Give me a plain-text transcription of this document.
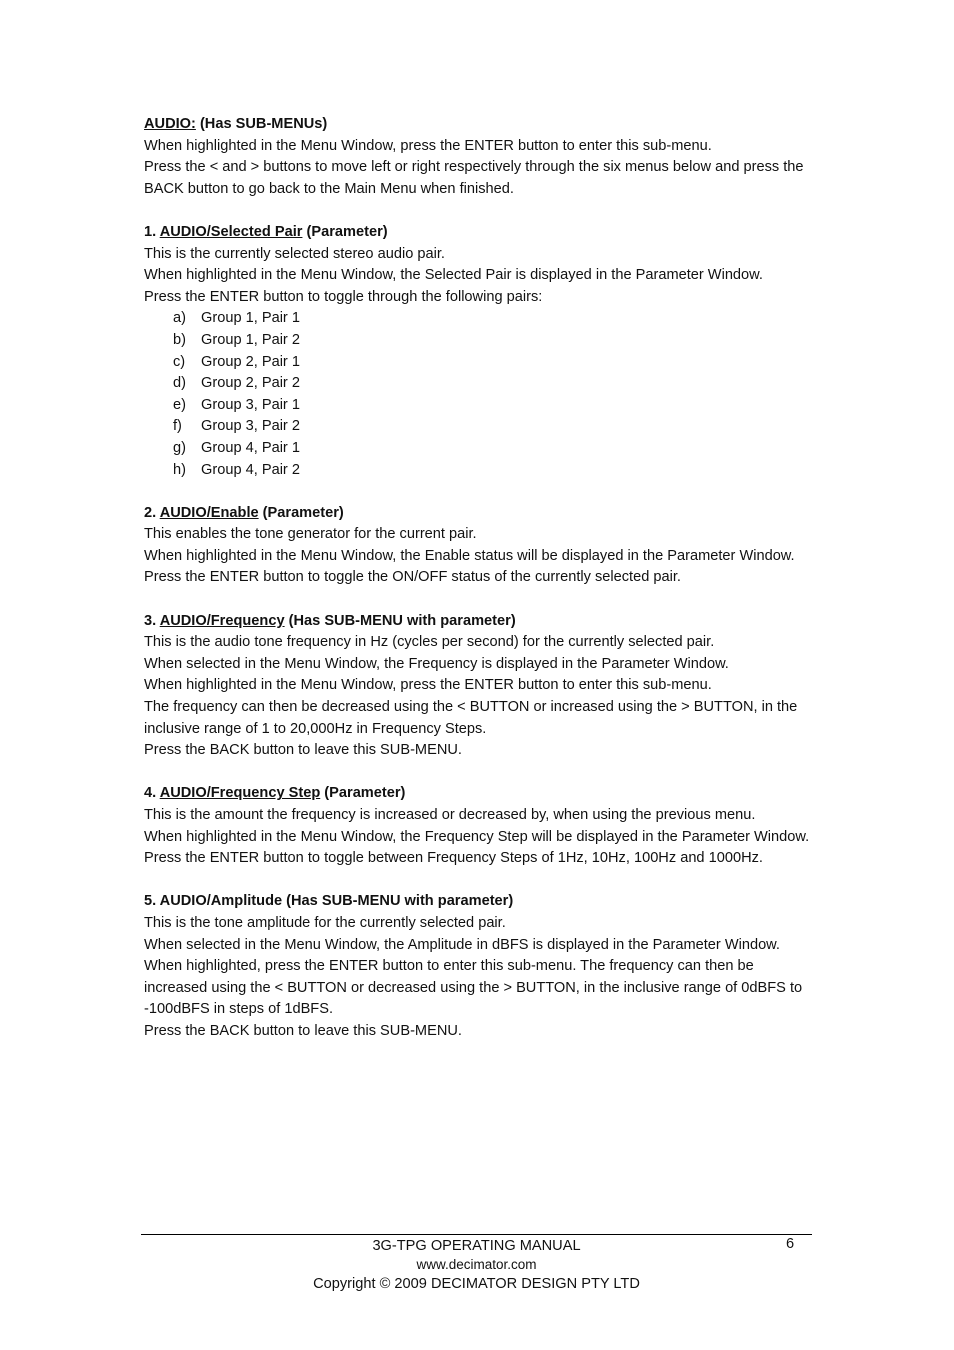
AUDIO: (Has SUB-MENUs)

When highlighted in the Menu Window, press the ENTER button to enter this sub-menu.

Press the < and > buttons to move left or right respectively through the six menus below and press the BACK button to go back to the Main Menu when finished.

1. AUDIO/Selected Pair (Parameter)

This is the currently selected stereo audio pair.

When highlighted in the Menu Window, the Selected Pair is displayed in the Parameter Window.

Press the ENTER button to toggle through the following pairs:

a) Group 1, Pair 1
b) Group 1, Pair 2
c) Group 2, Pair 1
d) Group 2, Pair 2
e) Group 3, Pair 1
f) Group 3, Pair 2
g) Group 4, Pair 1
h) Group 4, Pair 2

2. AUDIO/Enable (Parameter)

This enables the tone generator for the current pair.

When highlighted in the Menu Window, the Enable status will be displayed in the Parameter Window.

Press the ENTER button to toggle the ON/OFF status of the currently selected pair.

3. AUDIO/Frequency (Has SUB-MENU with parameter)

This is the audio tone frequency in Hz (cycles per second) for the currently selected pair.

When selected in the Menu Window, the Frequency is displayed in the Parameter Window.

When highlighted in the Menu Window, press the ENTER button to enter this sub-menu.

The frequency can then be decreased using the < BUTTON or increased using the > BUTTON, in the inclusive range of 1 to 20,000Hz in Frequency Steps.

Press the BACK button to leave this SUB-MENU.

4. AUDIO/Frequency Step (Parameter)

This is the amount the frequency is increased or decreased by, when using the previous menu.

When highlighted in the Menu Window, the Frequency Step will be displayed in the Parameter Window.

Press the ENTER button to toggle between Frequency Steps of 1Hz, 10Hz, 100Hz and 1000Hz.

5. AUDIO/Amplitude (Has SUB-MENU with parameter)

This is the tone amplitude for the currently selected pair.

When selected in the Menu Window, the Amplitude in dBFS is displayed in the Parameter Window.

When highlighted, press the ENTER button to enter this sub-menu. The frequency can then be increased using the < BUTTON or decreased using the > BUTTON, in the inclusive range of 0dBFS to -100dBFS in steps of 1dBFS.

Press the BACK button to leave this SUB-MENU.

3G-TPG OPERATING MANUAL	6
www.decimator.com
Copyright © 2009 DECIMATOR DESIGN PTY LTD
